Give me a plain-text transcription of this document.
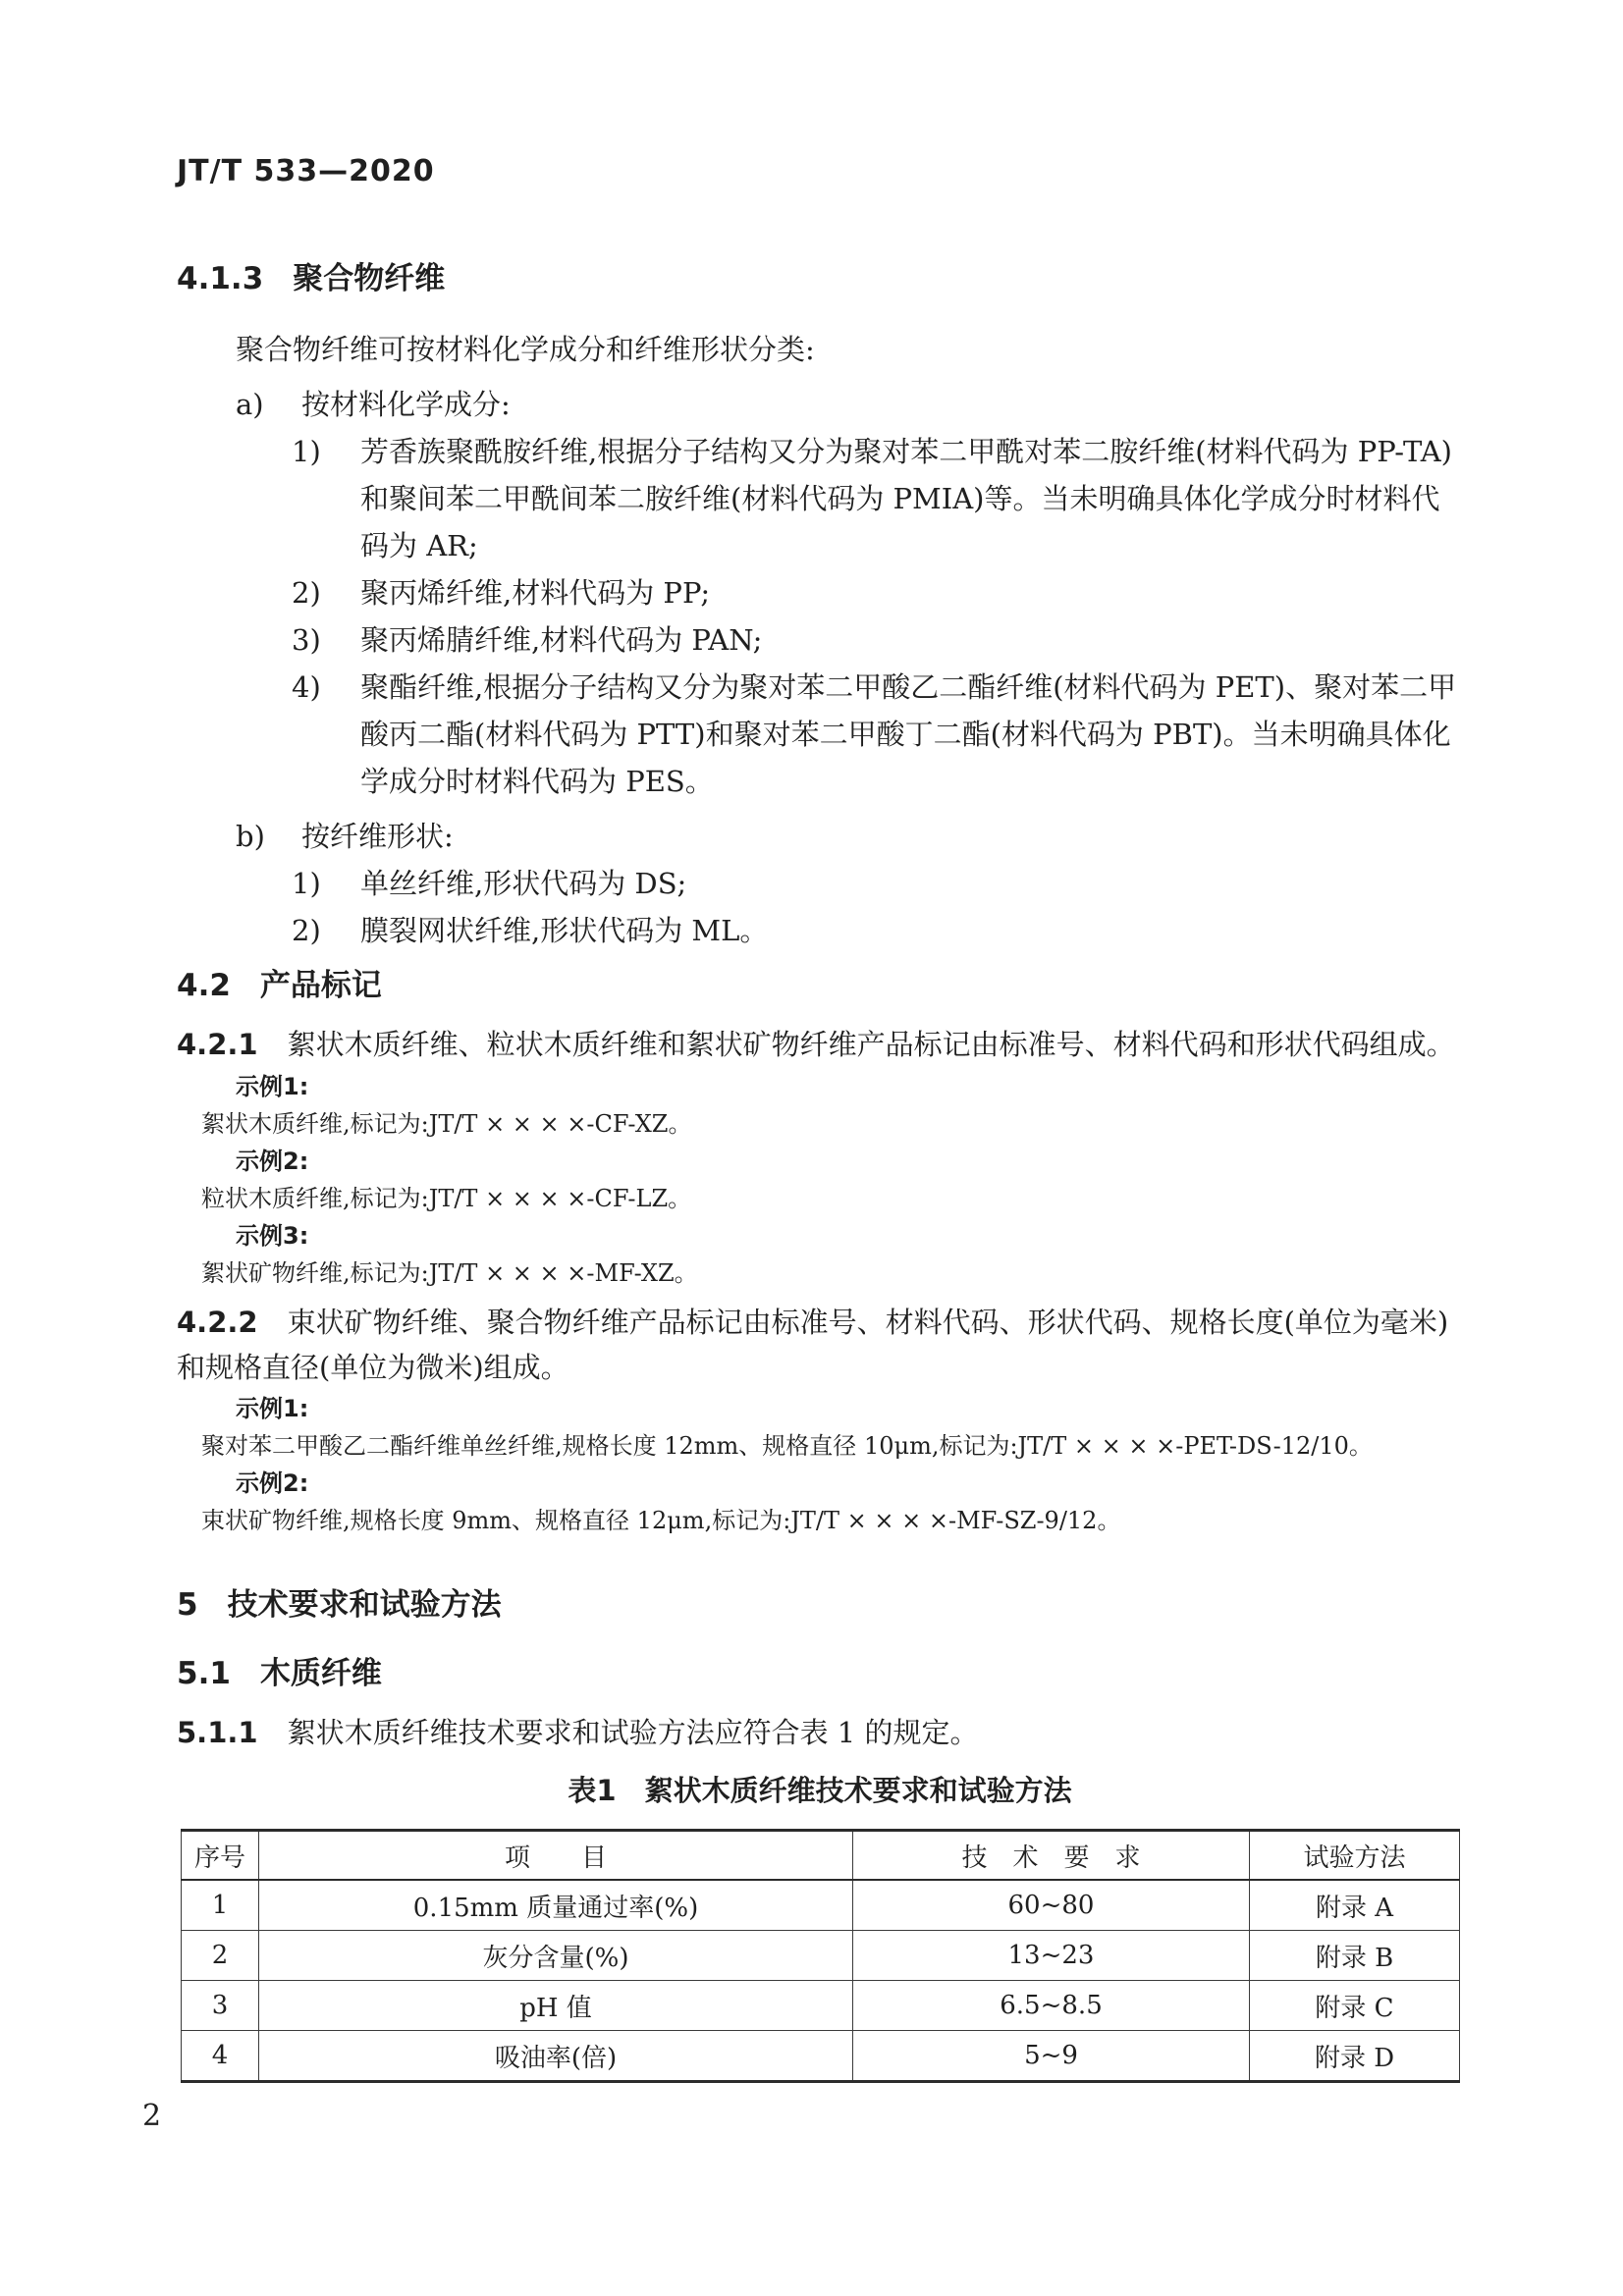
JT/T 533—2020
4.1.3 聚合物纤维

聚合物纤维可按材料化学成分和纤维形状分类:

a)	按材料化学成分:
1)	芳香族聚酰胺纤维,根据分子结构又分为聚对苯二甲酰对苯二胺纤维(材料代码为 PP-TA)和聚间苯二甲酰间苯二胺纤维(材料代码为 PMIA)等。当未明确具体化学成分时材料代码为 AR;
2)	聚丙烯纤维,材料代码为 PP;
3)	聚丙烯腈纤维,材料代码为 PAN;
4)	聚酯纤维,根据分子结构又分为聚对苯二甲酸乙二酯纤维(材料代码为 PET)、聚对苯二甲酸丙二酯(材料代码为 PTT)和聚对苯二甲酸丁二酯(材料代码为 PBT)。当未明确具体化学成分时材料代码为 PES。
b)	按纤维形状:
1)	单丝纤维,形状代码为 DS;
2)	膜裂网状纤维,形状代码为 ML。
4.2 产品标记

4.2.1 絮状木质纤维、粒状木质纤维和絮状矿物纤维产品标记由标准号、材料代码和形状代码组成。

示例1:
絮状木质纤维,标记为:JT/T × × × ×-CF-XZ。
示例2:
粒状木质纤维,标记为:JT/T × × × ×-CF-LZ。
示例3:
絮状矿物纤维,标记为:JT/T × × × ×-MF-XZ。

4.2.2 束状矿物纤维、聚合物纤维产品标记由标准号、材料代码、形状代码、规格长度(单位为毫米)和规格直径(单位为微米)组成。

示例1:
聚对苯二甲酸乙二酯纤维单丝纤维,规格长度 12mm、规格直径 10μm,标记为:JT/T × × × ×-PET-DS-12/10。
示例2:
束状矿物纤维,规格长度 9mm、规格直径 12μm,标记为:JT/T × × × ×-MF-SZ-9/12。
5 技术要求和试验方法
5.1 木质纤维

5.1.1 絮状木质纤维技术要求和试验方法应符合表 1 的规定。

表1　絮状木质纤维技术要求和试验方法
序号	项　　目	技　术　要　求	试验方法
1	0.15mm 质量通过率(%)	60~80	附录 A
2	灰分含量(%)	13~23	附录 B
3	pH 值	6.5~8.5	附录 C
4	吸油率(倍)	5~9	附录 D
2
